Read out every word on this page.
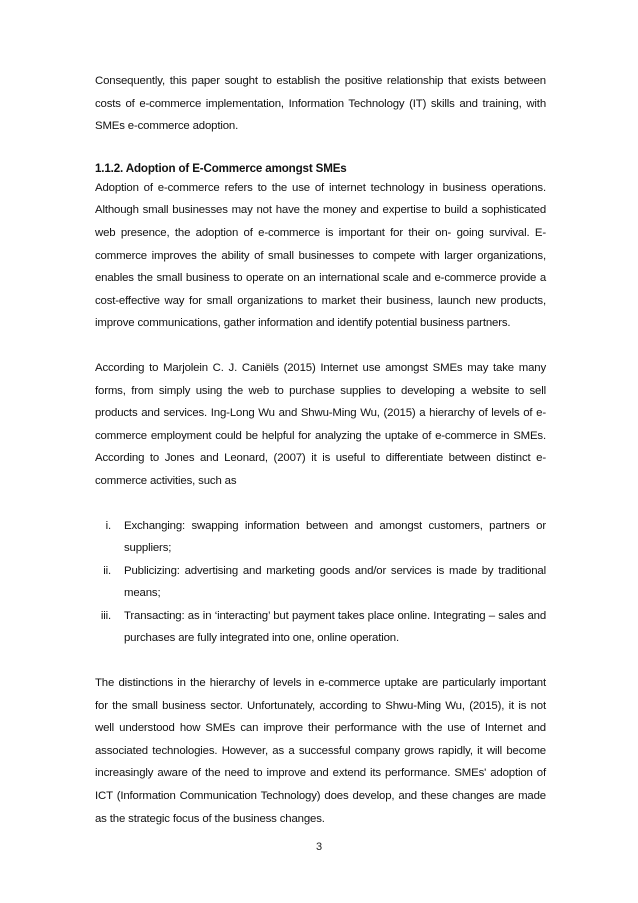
Consequently, this paper sought to establish the positive relationship that exists between costs of e-commerce implementation, Information Technology (IT) skills and training, with SMEs e-commerce adoption.

1.1.2. Adoption of E-Commerce amongst SMEs

Adoption of e-commerce refers to the use of internet technology in business operations. Although small businesses may not have the money and expertise to build a sophisticated web presence, the adoption of e-commerce is important for their on- going survival. E-commerce improves the ability of small businesses to compete with larger organizations, enables the small business to operate on an international scale and e-commerce provide a cost-effective way for small organizations to market their business, launch new products, improve communications, gather information and identify potential business partners.

According to Marjolein C. J. Caniëls (2015) Internet use amongst SMEs may take many forms, from simply using the web to purchase supplies to developing a website to sell products and services. Ing-Long Wu and Shwu-Ming Wu, (2015) a hierarchy of levels of e-commerce employment could be helpful for analyzing the uptake of e-commerce in SMEs. According to Jones and Leonard, (2007) it is useful to differentiate between distinct e-commerce activities, such as

i. Exchanging: swapping information between and amongst customers, partners or suppliers;
ii. Publicizing: advertising and marketing goods and/or services is made by traditional means;
iii. Transacting: as in ‘interacting’ but payment takes place online. Integrating – sales and purchases are fully integrated into one, online operation.

The distinctions in the hierarchy of levels in e-commerce uptake are particularly important for the small business sector. Unfortunately, according to Shwu-Ming Wu, (2015), it is not well understood how SMEs can improve their performance with the use of Internet and associated technologies. However, as a successful company grows rapidly, it will become increasingly aware of the need to improve and extend its performance. SMEs' adoption of ICT (Information Communication Technology) does develop, and these changes are made as the strategic focus of the business changes.

3
